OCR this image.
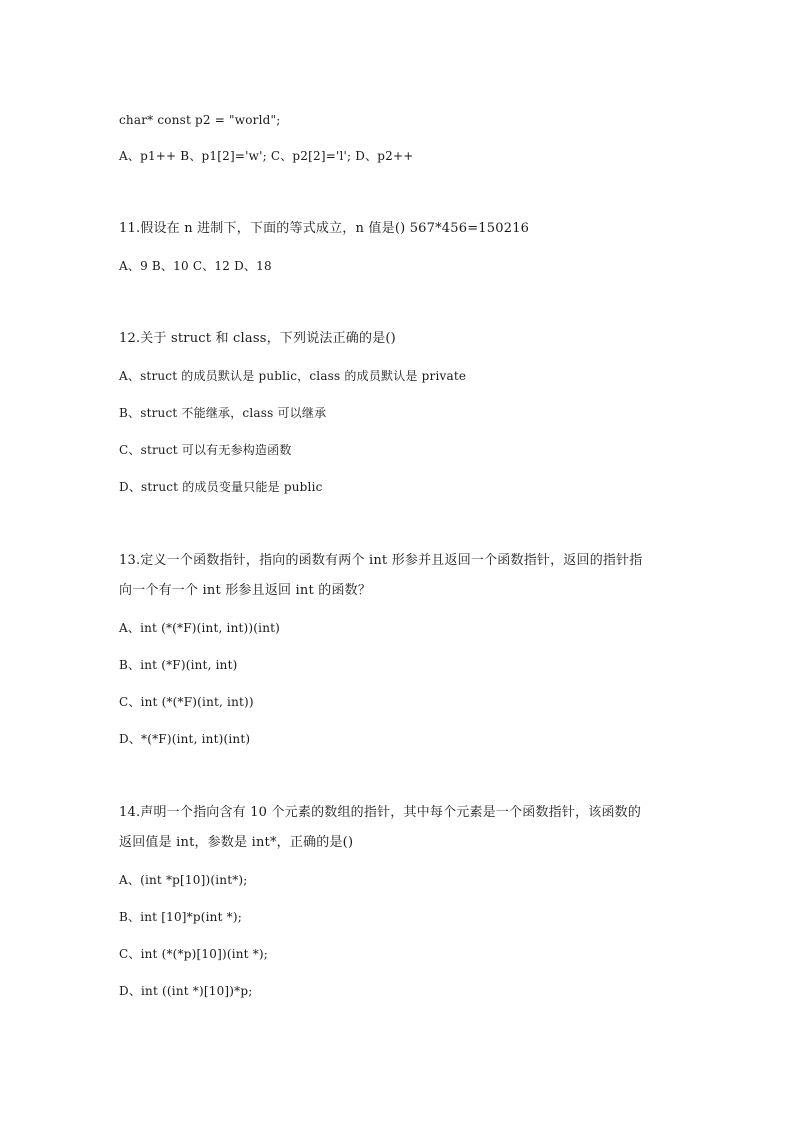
char* const p2 = "world";
A、p1++ B、p1[2]='w'; C、p2[2]='l'; D、p2++
11.假设在 n 进制下，下面的等式成立，n 值是() 567*456=150216
A、9 B、10 C、12 D、18
12.关于 struct 和 class，下列说法正确的是()
A、struct 的成员默认是 public，class 的成员默认是 private
B、struct 不能继承，class 可以继承
C、struct 可以有无参构造函数
D、struct 的成员变量只能是 public
13.定义一个函数指针，指向的函数有两个 int 形参并且返回一个函数指针，返回的指针指
向一个有一个 int 形参且返回 int 的函数？
A、int (*(*F)(int, int))(int)
B、int (*F)(int, int)
C、int (*(*F)(int, int))
D、*(*F)(int, int)(int)
14.声明一个指向含有 10 个元素的数组的指针，其中每个元素是一个函数指针，该函数的
返回值是 int，参数是 int*，正确的是()
A、(int *p[10])(int*);
B、int [10]*p(int *);
C、int (*(*p)[10])(int *);
D、int ((int *)[10])*p;
